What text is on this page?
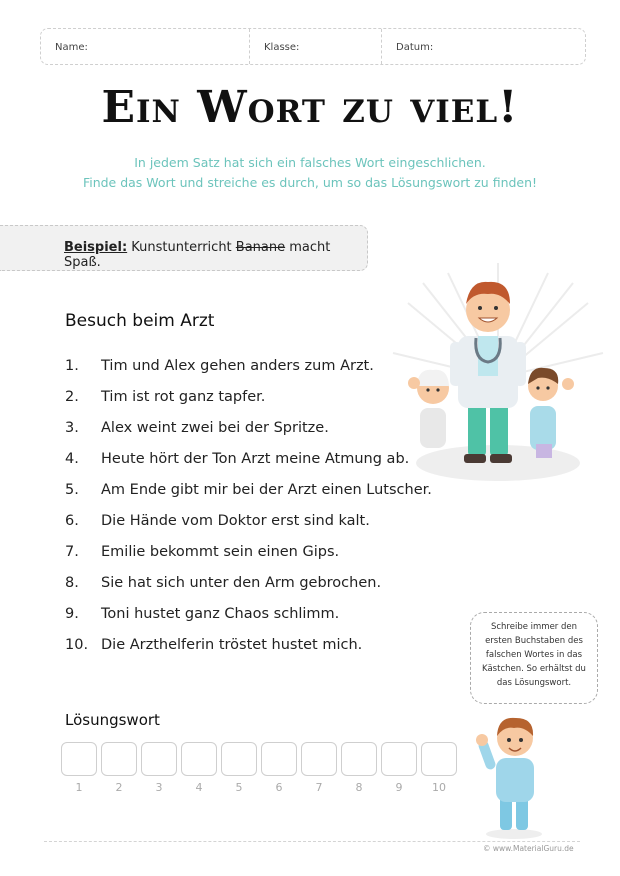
Name:	Klasse:	Datum:
Ein Wort zu viel!
In jedem Satz hat sich ein falsches Wort eingeschlichen.
Finde das Wort und streiche es durch, um so das Lösungswort zu finden!
Beispiel: Kunstunterricht Banane macht Spaß.
Besuch beim Arzt
1.	Tim und Alex gehen anders zum Arzt.
2.	Tim ist rot ganz tapfer.
3.	Alex weint zwei bei der Spritze.
4.	Heute hört der Ton Arzt meine Atmung ab.
5.	Am Ende gibt mir bei der Arzt einen Lutscher.
6.	Die Hände vom Doktor erst sind kalt.
7.	Emilie bekommt sein einen Gips.
8.	Sie hat sich unter den Arm gebrochen.
9.	Toni hustet ganz Chaos schlimm.
10. Die Arzthelferin tröstet hustet mich.
Lösungswort
1	2	3	4	5	6	7	8	9	10
Schreibe immer den
ersten Buchstaben des
falschen Wortes in das
Kästchen. So erhältst du
das Lösungswort.
© www.MaterialGuru.de
